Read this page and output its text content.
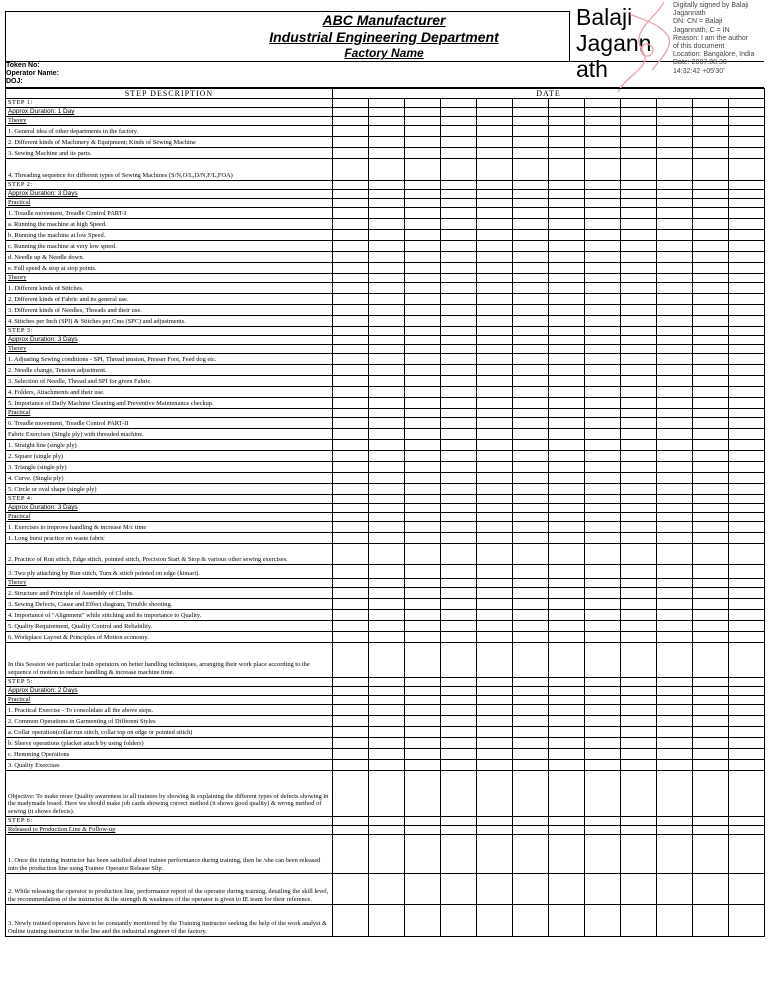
ABC Manufacturer
Industrial Engineering Department
Factory Name
Token No:
Operator Name:
DOJ:
Balaji
Jagann
ath
Digitally signed by Balaji
Jagannath
DN: CN = Balaji
Jagannath, C = IN
Reason: I am the author
of this document
Location: Bangalore, India
Date: 2007.08.30
14:32:42 +05'30'
STEP DESCRIPTION	DATE											
STEP 1:												
Approx Duration: 1 Day												
Theory												
1. General idea of other departments in the factory.												
2. Different kinds of Machinery & Equipment; Kinds of Sewing Machine												
3. Sewing Machine and its parts.												
4. Threading sequence for different types of Sewing Machines (S/N,O/L,D/N,F/L,FOA)												
STEP 2:												
Approx Duration: 3 Days												
Practical												
1. Treadle movement, Treadle Control PART-I												
a. Running the machine at high Speed.												
b. Running the machine at low Speed.												
c. Running the machine at very low speed.												
d. Needle up & Needle down.												
e. Full speed & stop at stop points.												
Theory												
1. Different kinds of Stitches.												
2. Different kinds of Fabric and its general use.												
3. Different kinds of Needles, Threads and their use.												
4. Stitches per Inch (SPI) & Stitches per Cms (SPC) and adjustments.												
STEP 3:												
Approx Duration: 3 Days												
Theory												
1. Adjusting Sewing conditions - SPI, Thread tension, Presser Foot, Feed dog etc.												
2. Needle change, Tension adjustment.												
3. Selection of Needle, Thread and SPI for given Fabric												
4. Folders, Attachments and their use.												
5. Importance of Daily Machine Cleaning and Preventive Maintenance checkup.												
Practical												
6. Treadle movement, Treadle Control PART-II												
Fabric Exercises (Single ply) with threaded machine.												
1. Straight line (single ply)												
2. Square (single ply)												
3. Triangle (single ply)												
4. Curve. (Single ply)												
5. Circle or oval shape (single ply)												
STEP 4:												
Approx Duration: 3 Days												
Practical												
1. Exercises to improve handling & increase M/c time												
1. Long burst practice on waste fabric												
2. Practice of Run stitch, Edge stitch, pointed stitch, Precision Start & Stop & various other sewing exercises.												
3. Two ply attaching by Run stitch, Turn & stitch pointed on edge (kimari).												
Theory												
2. Structure and Principle of Assembly of Cloths.												
3. Sewing Defects, Cause and Effect diagram, Trouble shooting.												
4. Importance of "Alignment" while stitching and its importance to Quality.												
5. Quality Requirement, Quality Control and Reliability.												
6. Workplace Layout & Principles of Motion economy.												
In this Session we particular train operators on better handling techniques, arranging their work place according to the sequence of motion to reduce handling & increase machine time.												
STEP 5:												
Approx Duration: 2 Days												
Practical												
1. Practical Exercise - To consolidate all the above steps.												
2. Common Operations in Garmenting of Different Styles												
a. Collar operation(collar run stitch, collar top on edge or pointed stitch)												
b. Sleeve operations (placket attach by using folders)												
c. Hemming Operations												
3. Quality Exercises												
Objective: To make more Quality awareness to all trainees by showing & explaining the different types of defects showing in the madymade board. Here we should make job cards showing correct method (it shows good quality) & wrong method of sewing (it shows defects).												
STEP 6:												
Released to Production Line & Follow-up												
1. Once the training instructor has been satisfied about trainee performance during training, then he /she can been released into the production line using Trainee Operator Release Slip.												
2. While releasing the operator to production line, performance report of the operator during training, detailing the skill level, the recommendation of the instructor & the strength & weakness of the operator is given to IE team for their reference.												
3. Newly trained operators have to be constantly monitored by the Training instructor seeking the help of the work analyst & Online training instructor in the line and the industrial engineer of the factory.												
